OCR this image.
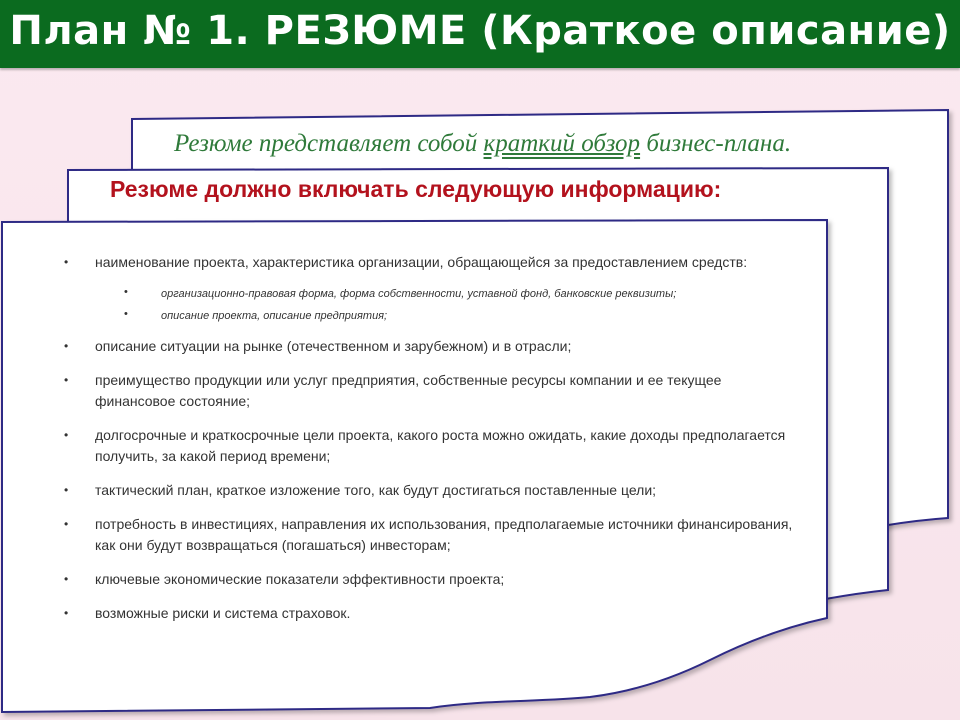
План № 1. РЕЗЮМЕ (Краткое описание)
Резюме представляет собой краткий обзор бизнес-плана.
Резюме должно включать следующую информацию:
• наименование проекта, характеристика организации, обращающейся за предоставлением средств:
• организационно-правовая форма, форма собственности, уставной фонд, банковские реквизиты;
• описание проекта, описание предприятия;
• описание ситуации на рынке (отечественном и зарубежном) и в отрасли;
• преимущество продукции или услуг предприятия, собственные ресурсы компании и ее текущее финансовое состояние;
• долгосрочные и краткосрочные цели проекта, какого роста можно ожидать, какие доходы предполагается получить, за какой период времени;
• тактический план, краткое изложение того, как будут достигаться поставленные цели;
• потребность в инвестициях, направления их использования, предполагаемые источники финансирования, как они будут возвращаться (погашаться) инвесторам;
• ключевые экономические показатели эффективности проекта;
• возможные риски и система страховок.
